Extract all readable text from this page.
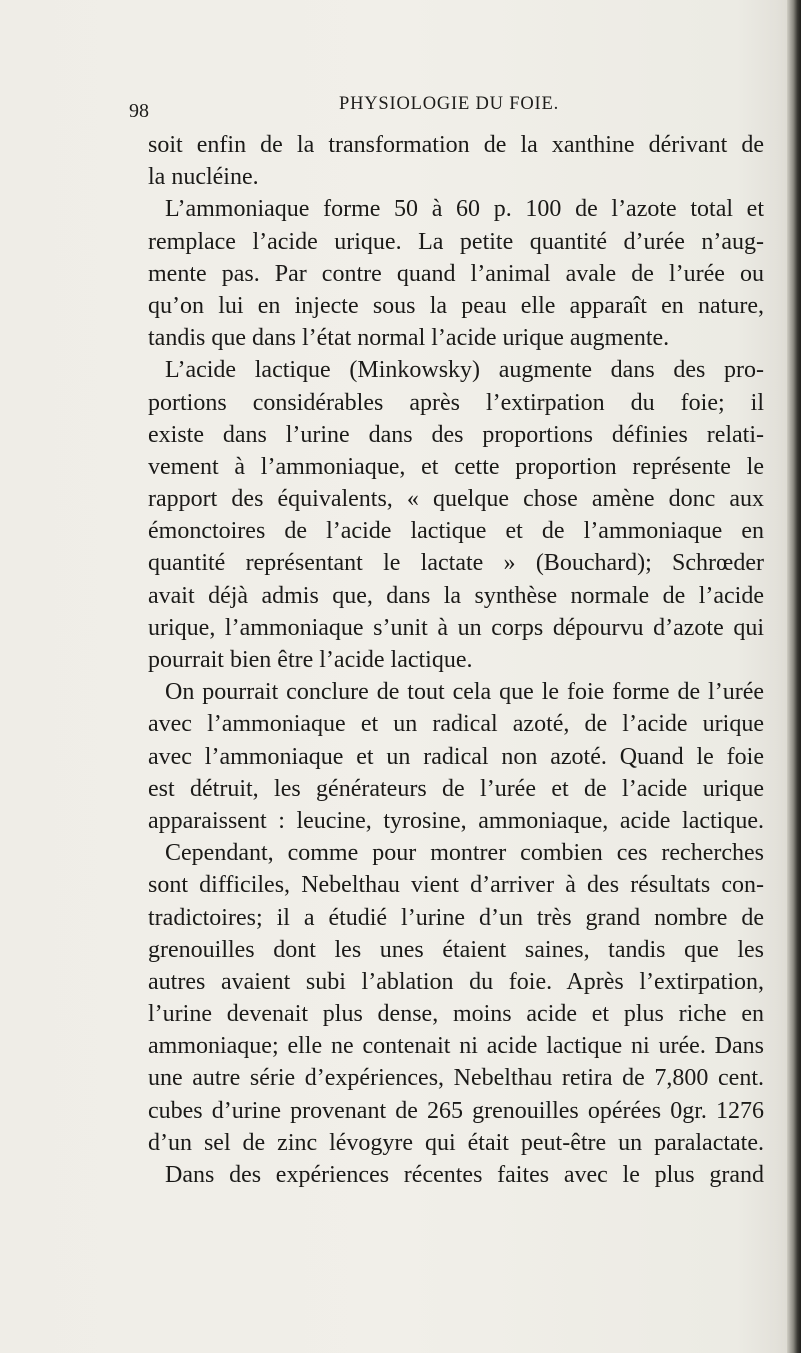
98	PHYSIOLOGIE DU FOIE.
soit enfin de la transformation de la xanthine dérivant de
la nucléine.
L’ammoniaque forme 50 à 60 p. 100 de l’azote total et
remplace l’acide urique. La petite quantité d’urée n’aug-
mente pas. Par contre quand l’animal avale de l’urée ou
qu’on lui en injecte sous la peau elle apparaît en nature,
tandis que dans l’état normal l’acide urique augmente.
L’acide lactique (Minkowsky) augmente dans des pro-
portions considérables après l’extirpation du foie; il
existe dans l’urine dans des proportions définies relati-
vement à l’ammoniaque, et cette proportion représente le
rapport des équivalents, « quelque chose amène donc aux
émonctoires de l’acide lactique et de l’ammoniaque en
quantité représentant le lactate » (Bouchard); Schrœder
avait déjà admis que, dans la synthèse normale de l’acide
urique, l’ammoniaque s’unit à un corps dépourvu d’azote qui
pourrait bien être l’acide lactique.
On pourrait conclure de tout cela que le foie forme de l’urée
avec l’ammoniaque et un radical azoté, de l’acide urique
avec l’ammoniaque et un radical non azoté. Quand le foie
est détruit, les générateurs de l’urée et de l’acide urique
apparaissent : leucine, tyrosine, ammoniaque, acide lactique.
Cependant, comme pour montrer combien ces recherches
sont difficiles, Nebelthau vient d’arriver à des résultats con-
tradictoires; il a étudié l’urine d’un très grand nombre de
grenouilles dont les unes étaient saines, tandis que les
autres avaient subi l’ablation du foie. Après l’extirpation,
l’urine devenait plus dense, moins acide et plus riche en
ammoniaque; elle ne contenait ni acide lactique ni urée. Dans
une autre série d’expériences, Nebelthau retira de 7,800 cent.
cubes d’urine provenant de 265 grenouilles opérées 0gr. 1276
d’un sel de zinc lévogyre qui était peut-être un paralactate.
Dans des expériences récentes faites avec le plus grand
